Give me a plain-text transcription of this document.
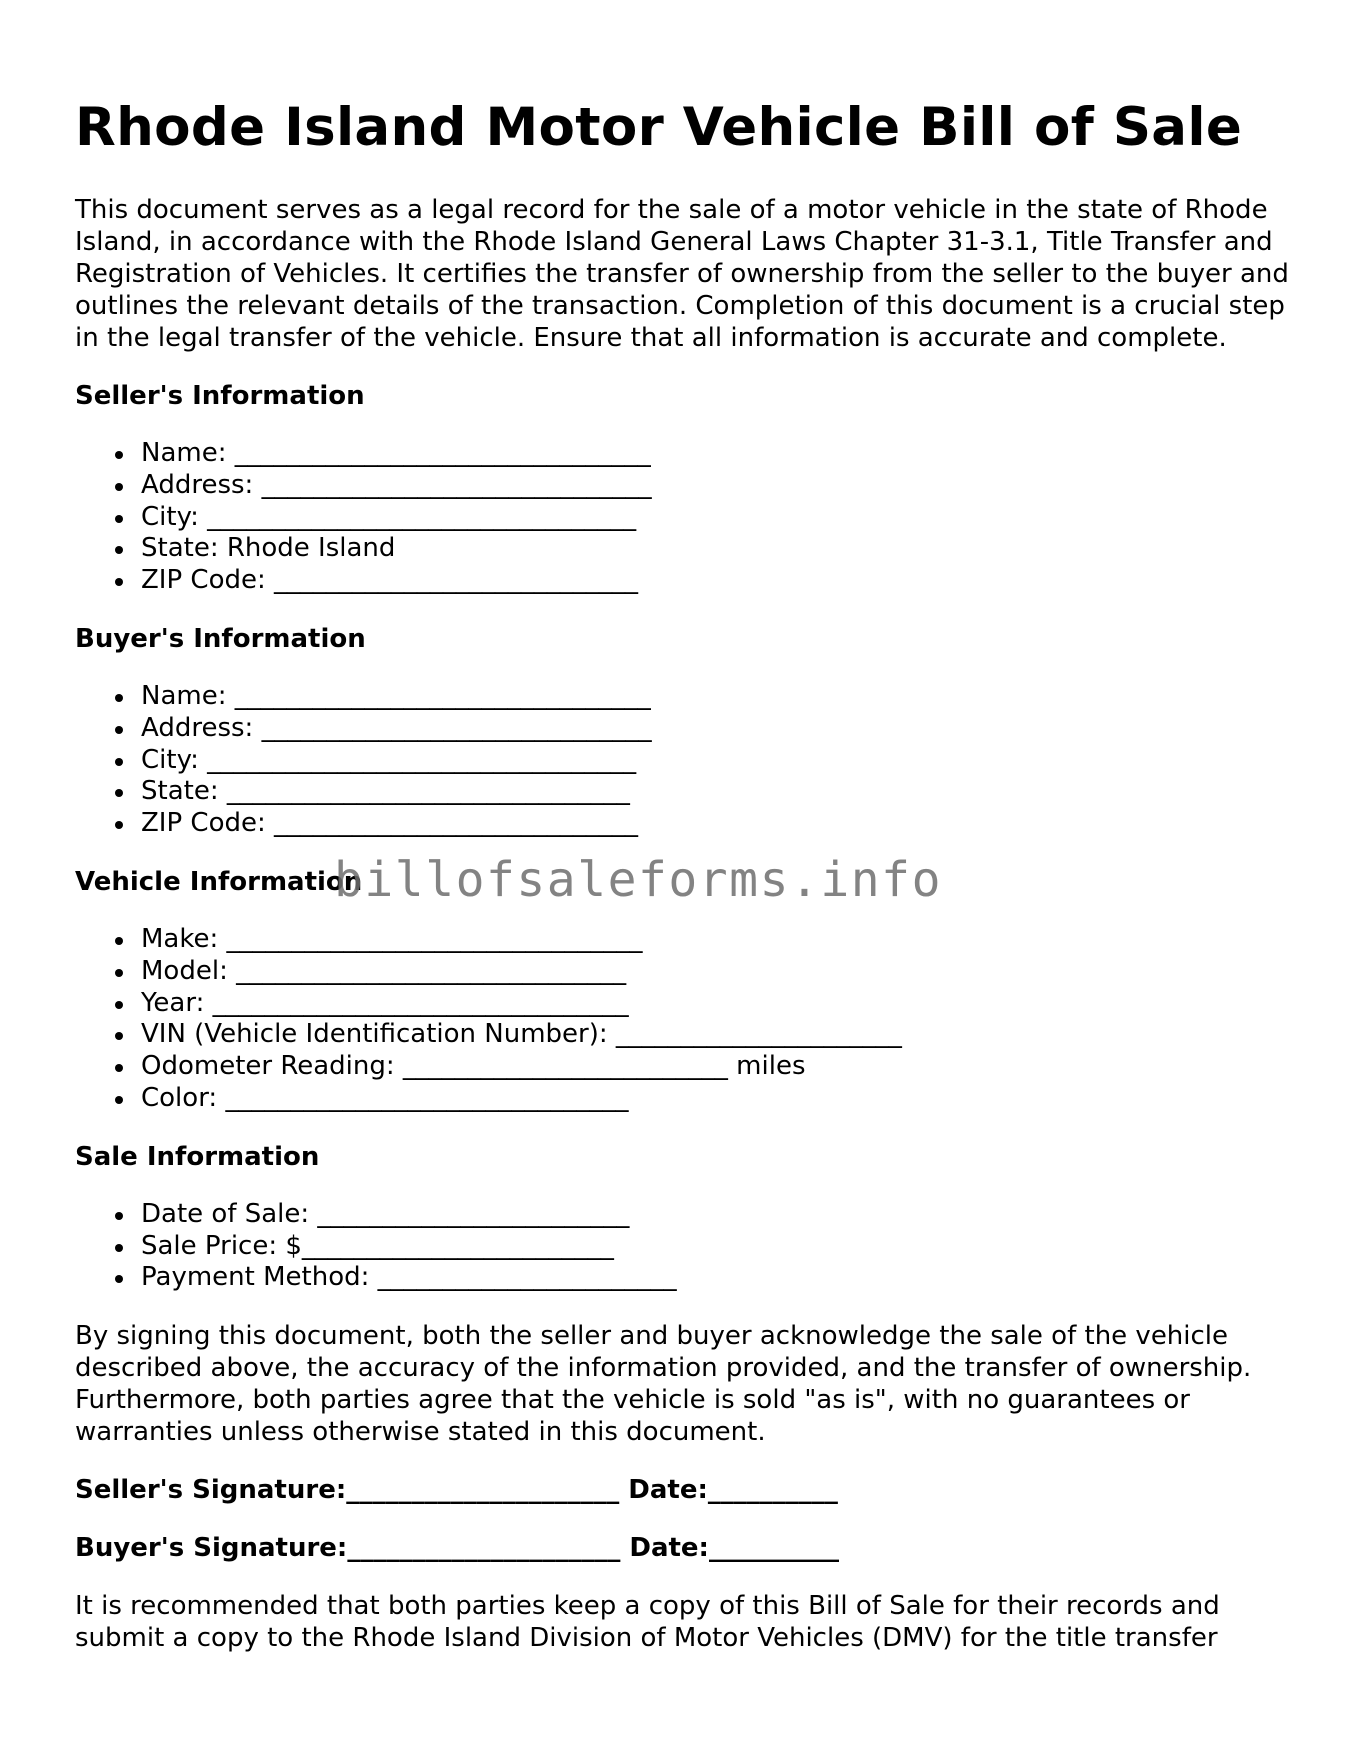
Rhode Island Motor Vehicle Bill of Sale

This document serves as a legal record for the sale of a motor vehicle in the state of Rhode Island, in accordance with the Rhode Island General Laws Chapter 31-3.1, Title Transfer and Registration of Vehicles. It certifies the transfer of ownership from the seller to the buyer and outlines the relevant details of the transaction. Completion of this document is a crucial step in the legal transfer of the vehicle. Ensure that all information is accurate and complete.

Seller's Information
Name: ________________________________
Address: ______________________________
City: _________________________________
State: Rhode Island
ZIP Code: ____________________________
Buyer's Information
Name: ________________________________
Address: ______________________________
City: _________________________________
State: _______________________________
ZIP Code: ____________________________
Vehicle Information
Make: ________________________________
Model: ______________________________
Year: ________________________________
VIN (Vehicle Identification Number): ______________________
Odometer Reading: _________________________ miles
Color: _______________________________
Sale Information
Date of Sale: ________________________
Sale Price: $________________________
Payment Method: _______________________

By signing this document, both the seller and buyer acknowledge the sale of the vehicle described above, the accuracy of the information provided, and the transfer of ownership. Furthermore, both parties agree that the vehicle is sold "as is", with no guarantees or warranties unless otherwise stated in this document.

Seller's Signature:_____________________ Date:__________
Buyer's Signature:_____________________ Date:__________

It is recommended that both parties keep a copy of this Bill of Sale for their records and submit a copy to the Rhode Island Division of Motor Vehicles (DMV) for the title transfer

billofsaleforms.info
